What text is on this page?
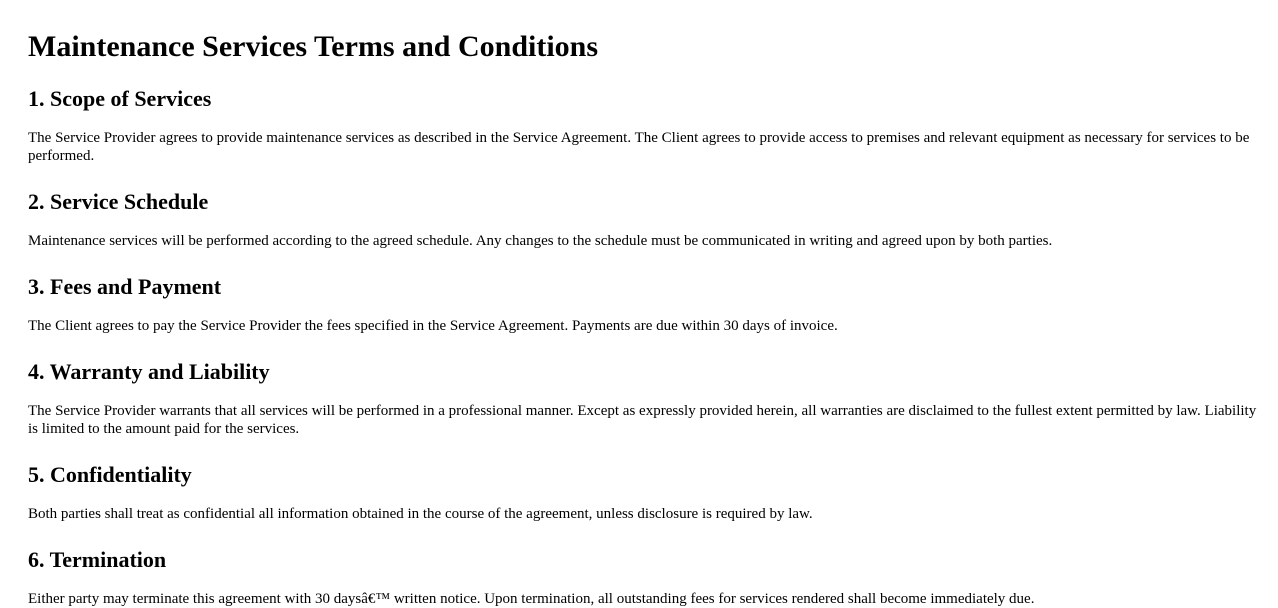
Maintenance Services Terms and Conditions
1. Scope of Services

The Service Provider agrees to provide maintenance services as described in the Service Agreement. The Client agrees to provide access to premises and relevant equipment as necessary for services to be performed.

2. Service Schedule

Maintenance services will be performed according to the agreed schedule. Any changes to the schedule must be communicated in writing and agreed upon by both parties.

3. Fees and Payment

The Client agrees to pay the Service Provider the fees specified in the Service Agreement. Payments are due within 30 days of invoice.

4. Warranty and Liability

The Service Provider warrants that all services will be performed in a professional manner. Except as expressly provided herein, all warranties are disclaimed to the fullest extent permitted by law. Liability is limited to the amount paid for the services.

5. Confidentiality

Both parties shall treat as confidential all information obtained in the course of the agreement, unless disclosure is required by law.

6. Termination

Either party may terminate this agreement with 30 daysâ€™ written notice. Upon termination, all outstanding fees for services rendered shall become immediately due.
